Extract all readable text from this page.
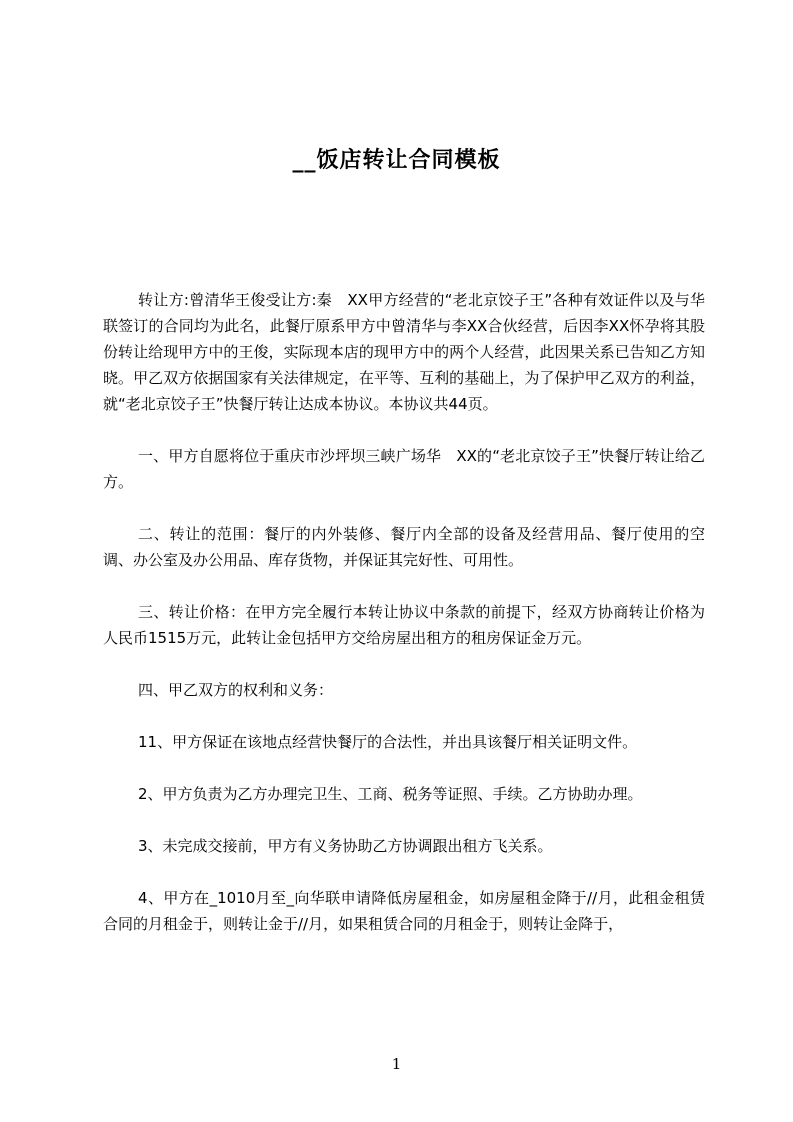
__饭店转让合同模板

转让方:曾清华王俊受让方:秦　XX甲方经营的“老北京饺子王”各种有效证件以及与华联签订的合同均为此名，此餐厅原系甲方中曾清华与李XX合伙经营，后因李XX怀孕将其股份转让给现甲方中的王俊，实际现本店的现甲方中的两个人经营，此因果关系已告知乙方知晓。甲乙双方依据国家有关法律规定，在平等、互利的基础上，为了保护甲乙双方的利益，就“老北京饺子王”快餐厅转让达成本协议。本协议共44页。

一、甲方自愿将位于重庆市沙坪坝三峡广场华　XX的“老北京饺子王”快餐厅转让给乙方。

二、转让的范围：餐厅的内外装修、餐厅内全部的设备及经营用品、餐厅使用的空调、办公室及办公用品、库存货物，并保证其完好性、可用性。

三、转让价格：在甲方完全履行本转让协议中条款的前提下，经双方协商转让价格为人民币1515万元，此转让金包括甲方交给房屋出租方的租房保证金万元。

四、甲乙双方的权利和义务：

11、甲方保证在该地点经营快餐厅的合法性，并出具该餐厅相关证明文件。

2、甲方负责为乙方办理完卫生、工商、税务等证照、手续。乙方协助办理。

3、未完成交接前，甲方有义务协助乙方协调跟出租方飞关系。

4、甲方在_1010月至_向华联申请降低房屋租金，如房屋租金降于//月，此租金租赁合同的月租金于，则转让金于//月，如果租赁合同的月租金于，则转让金降于，

1
